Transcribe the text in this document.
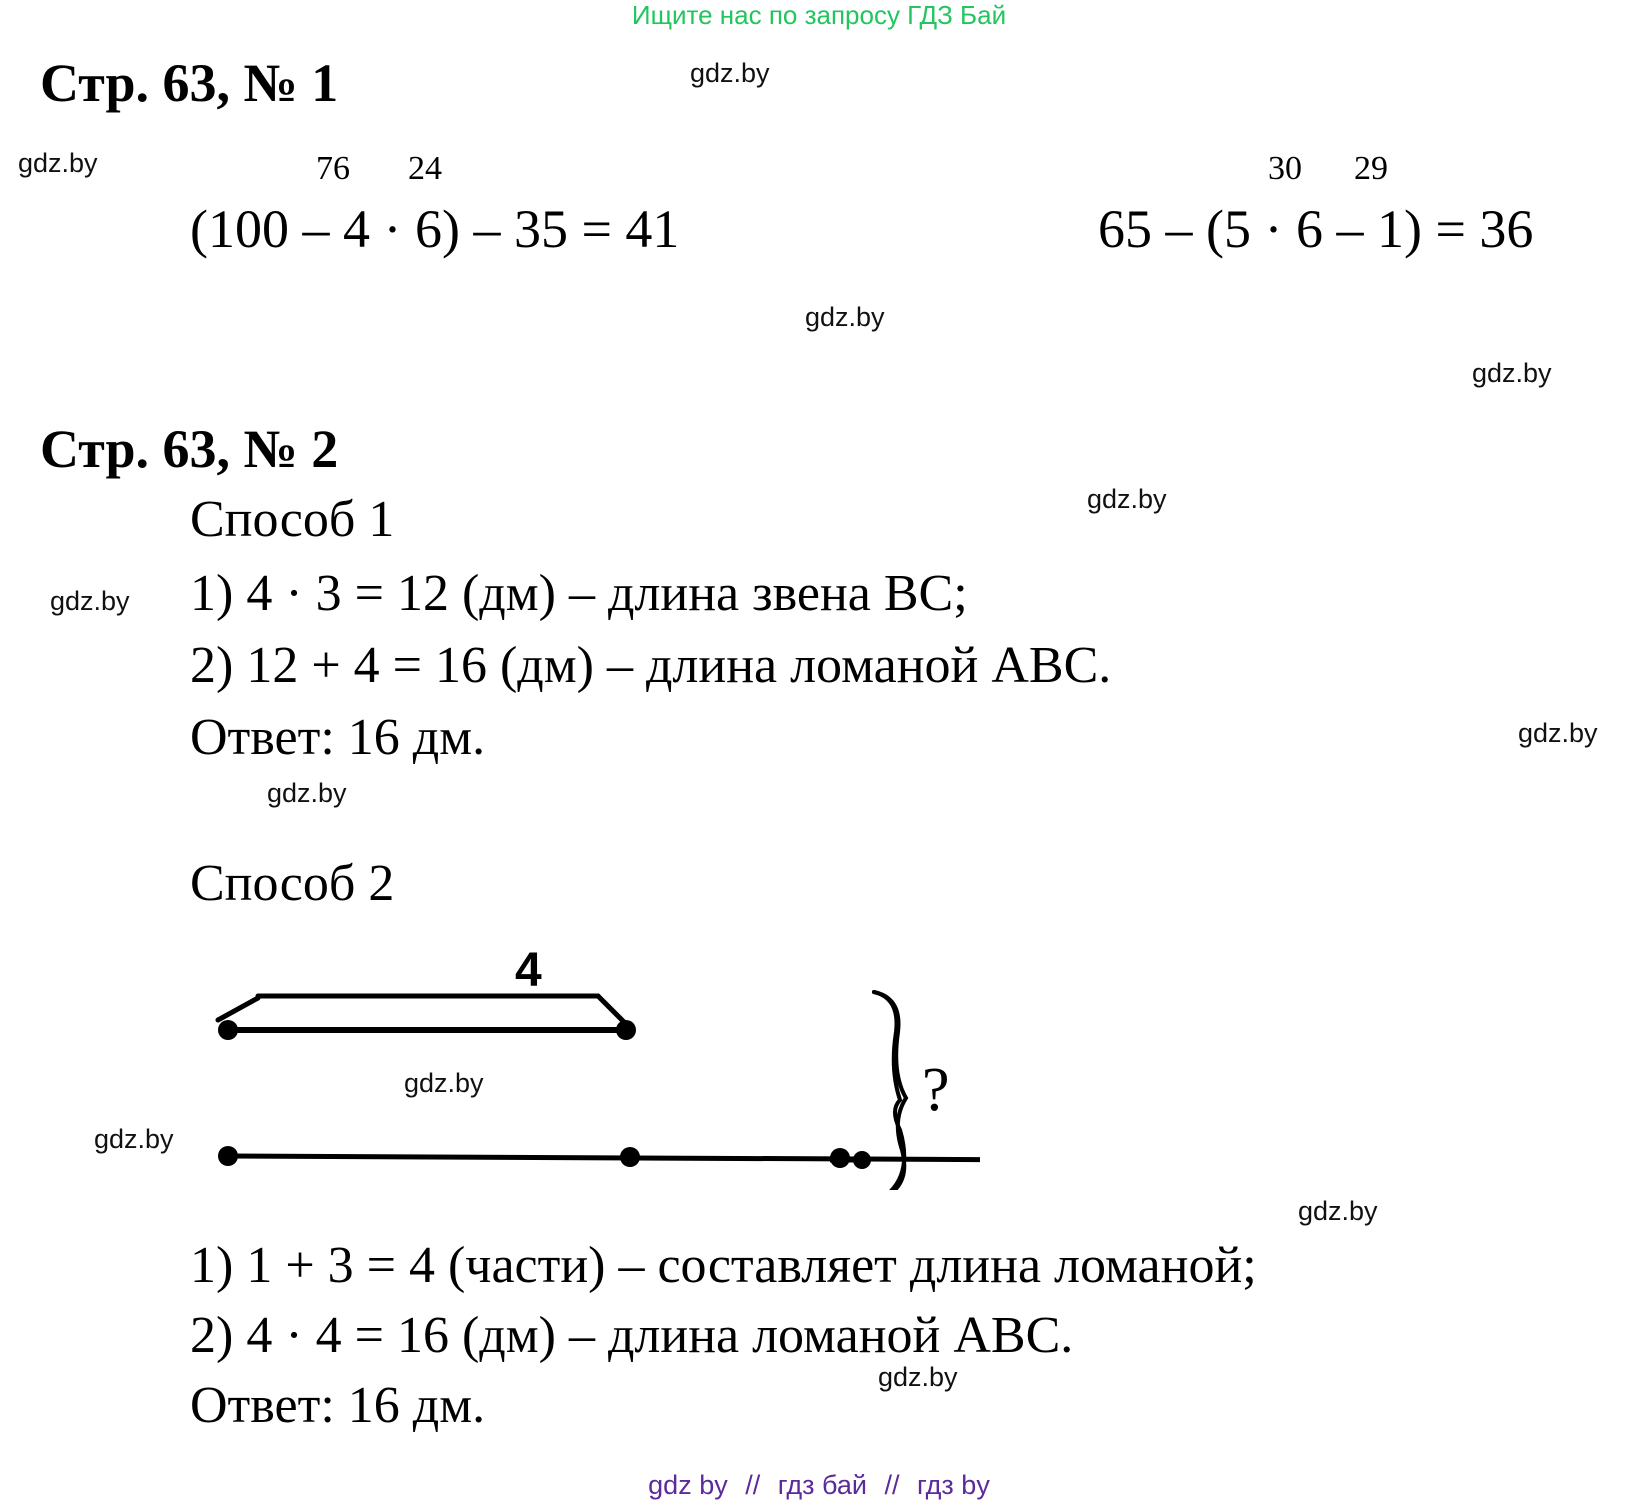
Ищите нас по запросу ГДЗ Бай
gdz.by
gdz.by
gdz.by
gdz.by
gdz.by
gdz.by
gdz.by
gdz.by
gdz.by
gdz.by
gdz.by
gdz.by
Стр. 63, № 1
76 24
(100 – 4 · 6) – 35 = 41
30 29
65 – (5 · 6 – 1) = 36
Стр. 63, № 2
Способ 1
1) 4 · 3 = 12 (дм) – длина звена ВС;
2) 12 + 4 = 16 (дм) – длина ломаной АВС.
Ответ: 16 дм.
Способ 2
4
?
1) 1 + 3 = 4 (части) – составляет длина ломаной;
2) 4 · 4 = 16 (дм) – длина ломаной АВС.
Ответ: 16 дм.
gdz by // гдз бай // гдз by
